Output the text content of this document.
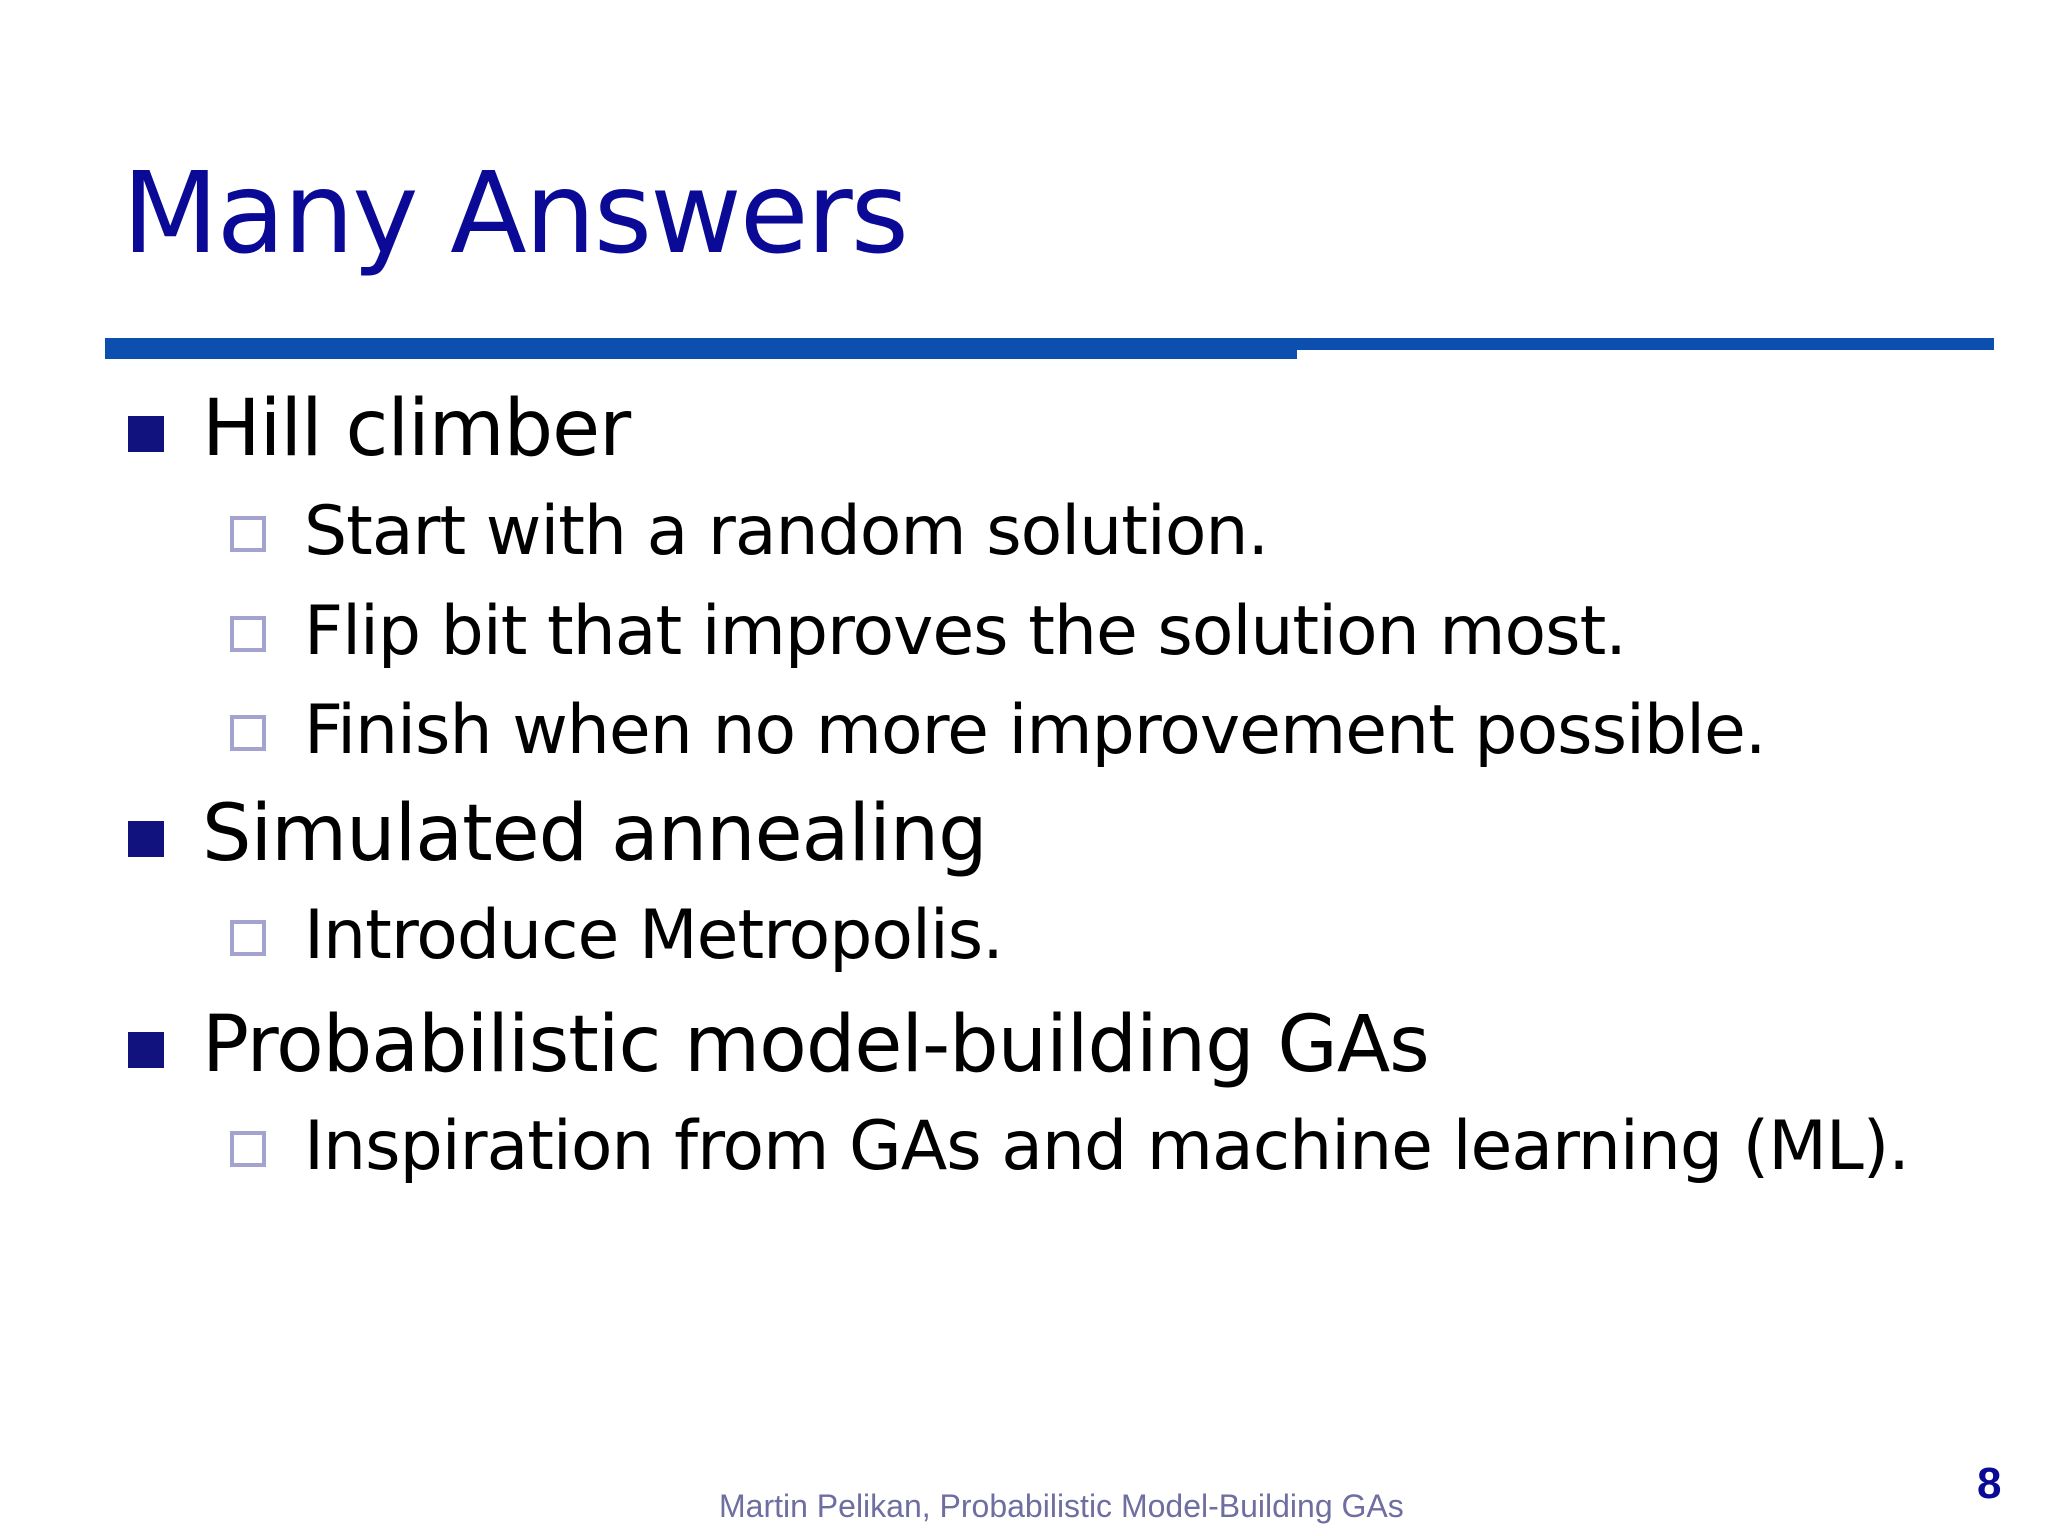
Many Answers
Hill climber
Start with a random solution.
Flip bit that improves the solution most.
Finish when no more improvement possible.
Simulated annealing
Introduce Metropolis.
Probabilistic model-building GAs
Inspiration from GAs and machine learning (ML).
Martin Pelikan, Probabilistic Model-Building GAs	8
